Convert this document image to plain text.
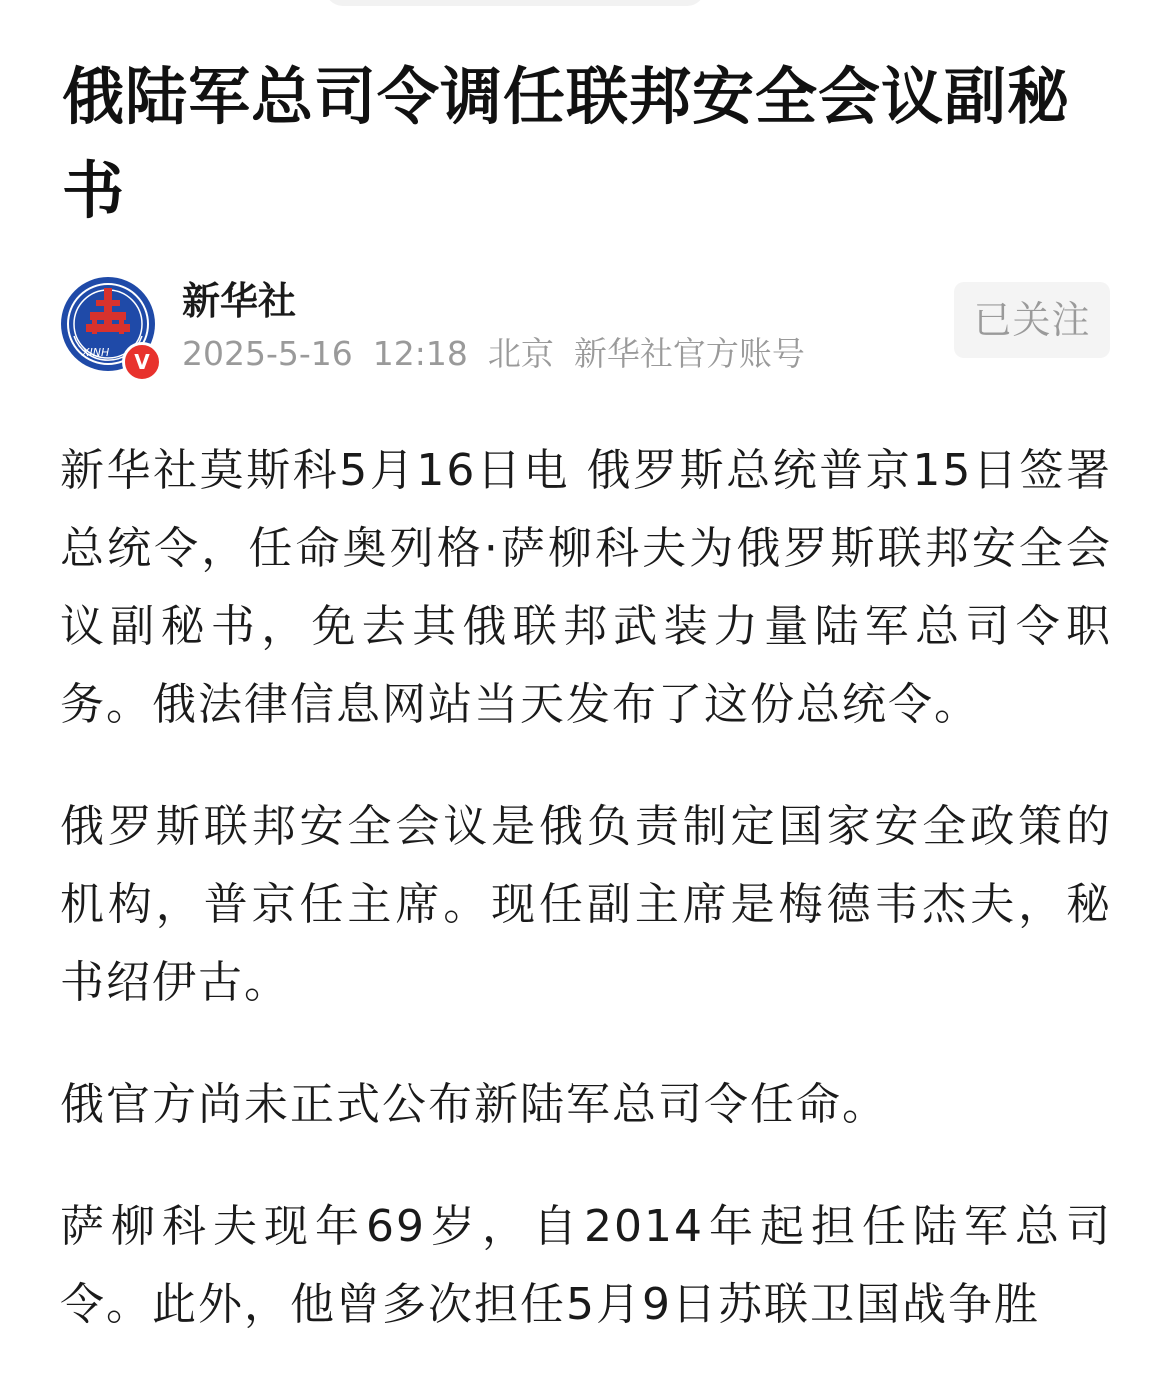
俄陆军总司令调任联邦安全会议副秘书
XINH	V
新华社
2025-5-16 12:18 北京 新华社官方账号
已关注

新华社莫斯科5月16日电 俄罗斯总统普京15日签署总统令，任命奥列格·萨柳科夫为俄罗斯联邦安全会议副秘书，免去其俄联邦武装力量陆军总司令职务。俄法律信息网站当天发布了这份总统令。

俄罗斯联邦安全会议是俄负责制定国家安全政策的机构，普京任主席。现任副主席是梅德韦杰夫，秘书绍伊古。

俄官方尚未正式公布新陆军总司令任命。

萨柳科夫现年69岁，自2014年起担任陆军总司令。此外，他曾多次担任5月9日苏联卫国战争胜
